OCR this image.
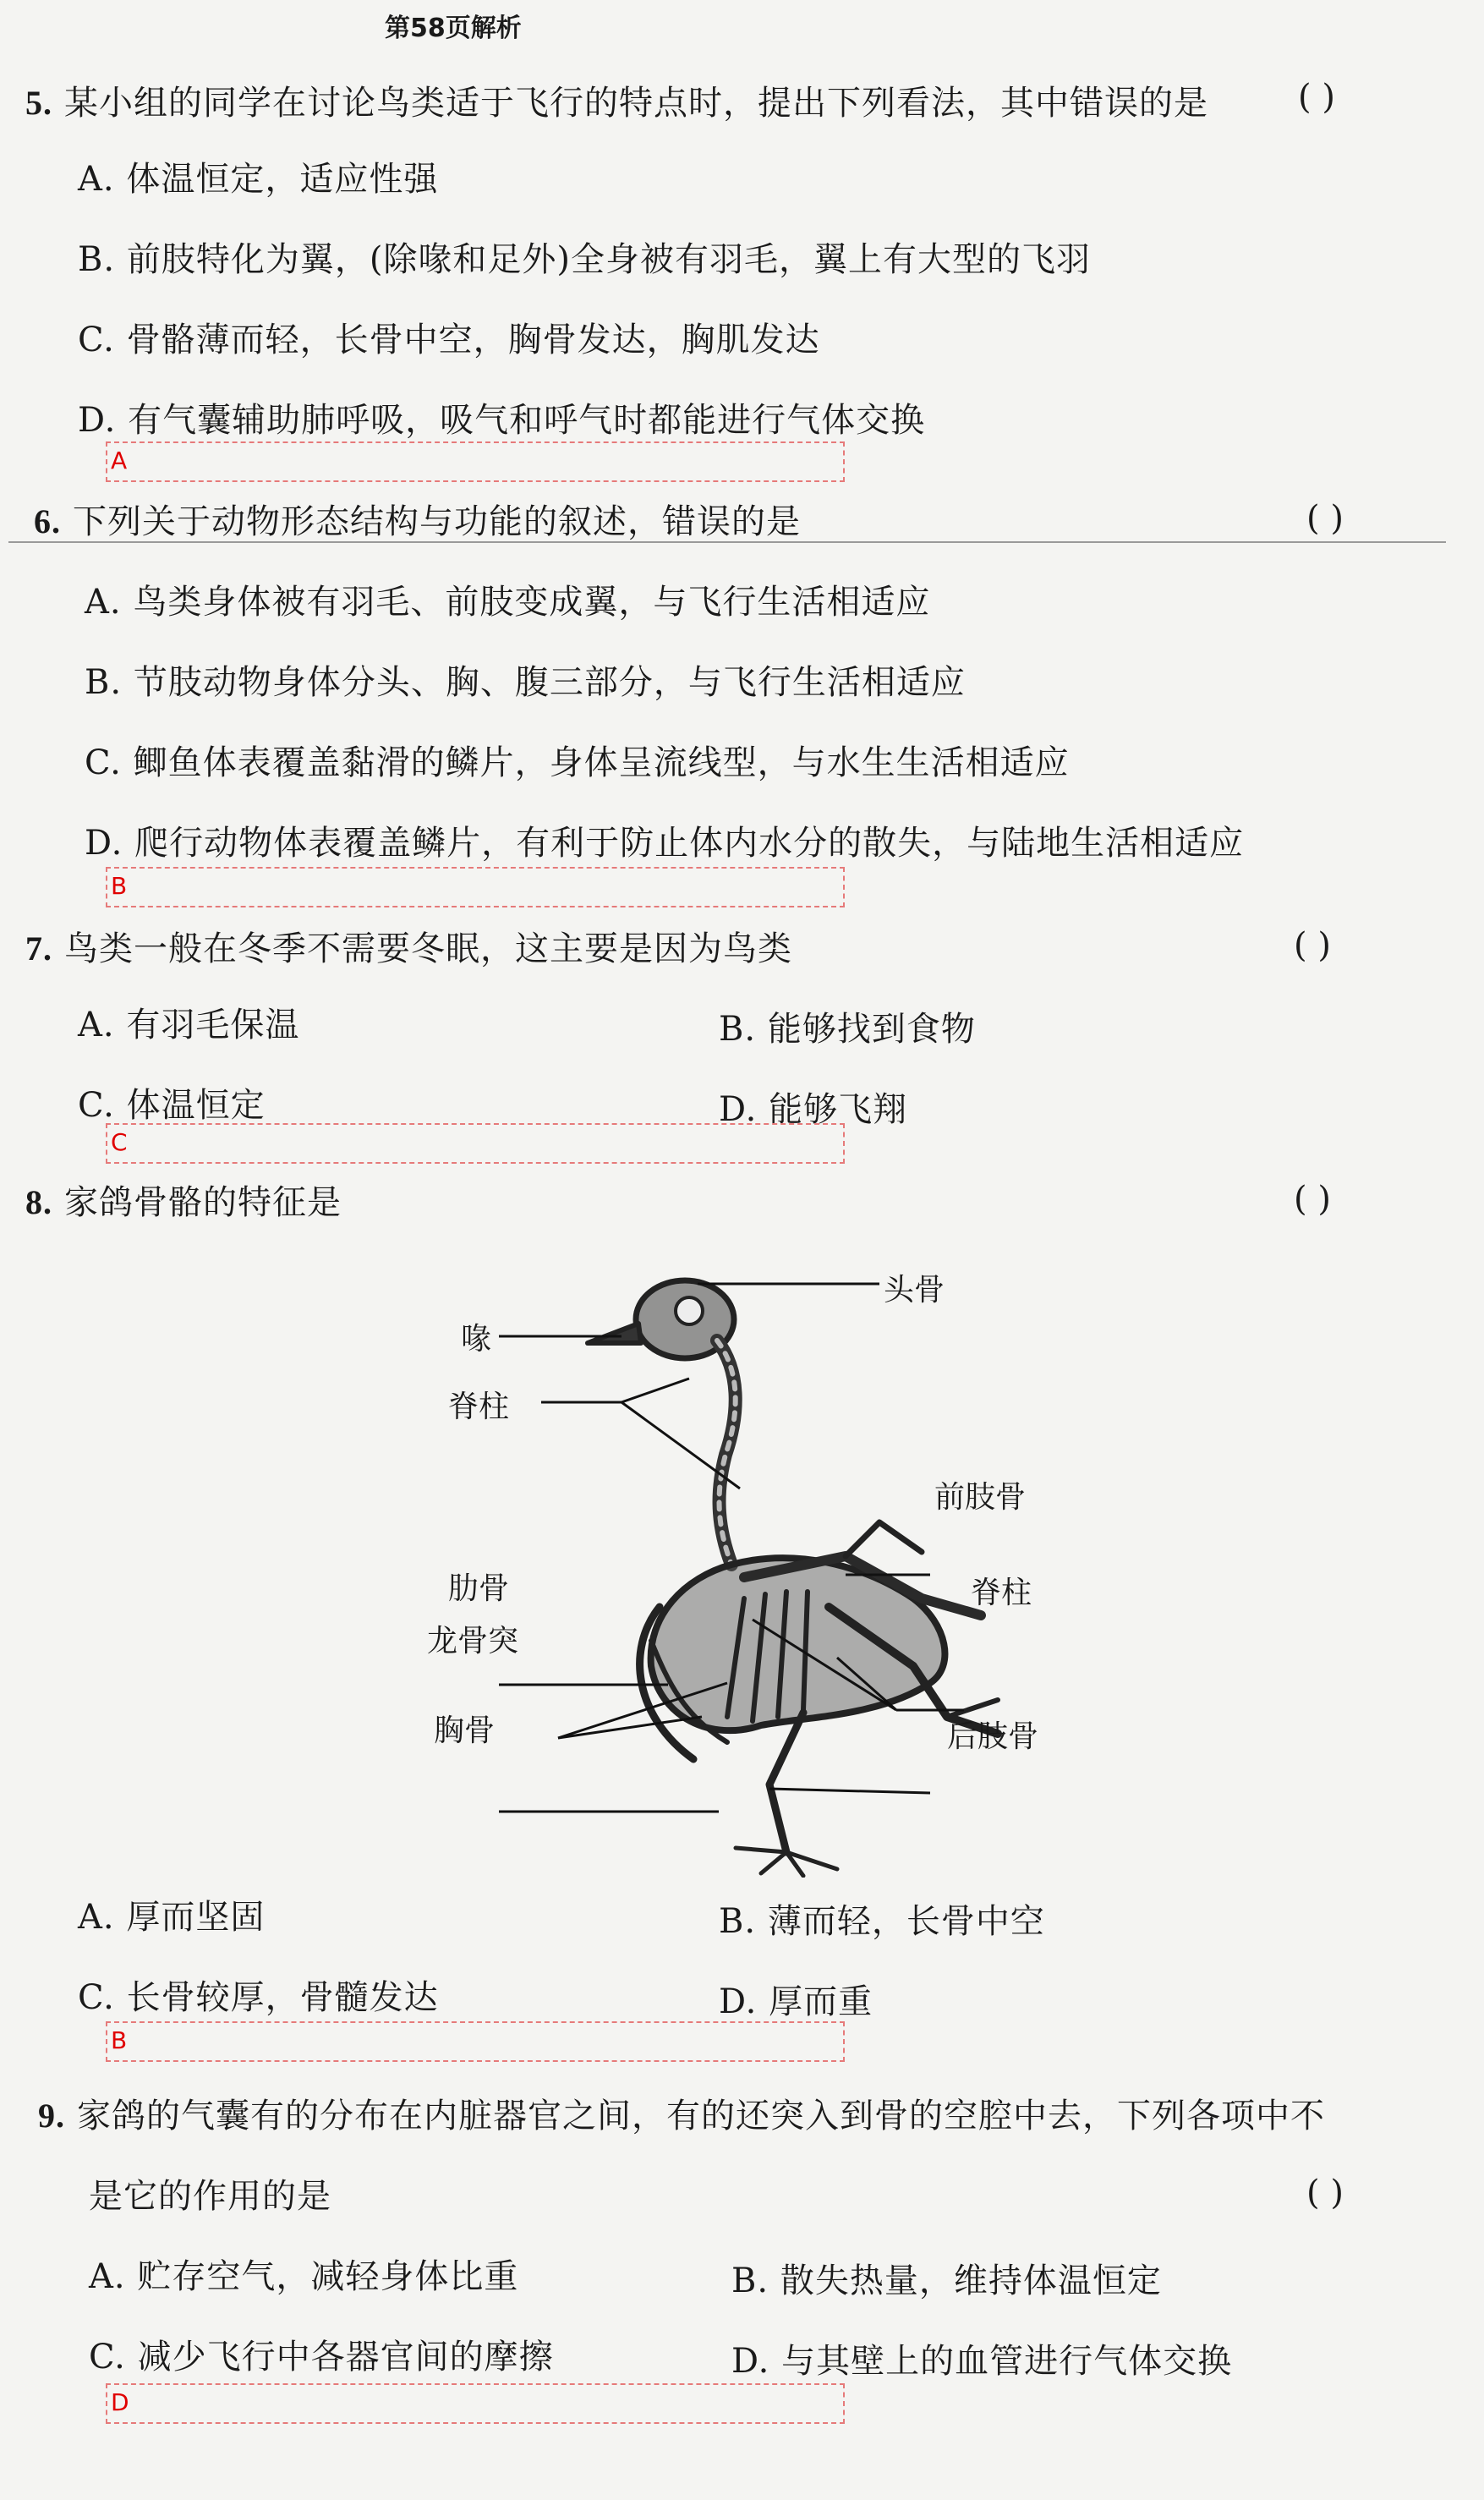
第58页解析
5. 某小组的同学在讨论鸟类适于飞行的特点时，提出下列看法，其中错误的是	( )
A. 体温恒定，适应性强
B. 前肢特化为翼，(除喙和足外)全身被有羽毛，翼上有大型的飞羽
C. 骨骼薄而轻，长骨中空，胸骨发达，胸肌发达
D. 有气囊辅助肺呼吸，吸气和呼气时都能进行气体交换
A
6. 下列关于动物形态结构与功能的叙述，错误的是	( )
A. 鸟类身体被有羽毛、前肢变成翼，与飞行生活相适应
B. 节肢动物身体分头、胸、腹三部分，与飞行生活相适应
C. 鲫鱼体表覆盖黏滑的鳞片，身体呈流线型，与水生生活相适应
D. 爬行动物体表覆盖鳞片，有利于防止体内水分的散失，与陆地生活相适应
B
7. 鸟类一般在冬季不需要冬眠，这主要是因为鸟类	( )
A. 有羽毛保温	B. 能够找到食物
C. 体温恒定	D. 能够飞翔
C
8. 家鸽骨骼的特征是	( )
喙
头骨
脊柱
前肢骨
肋骨	脊柱
龙骨突
胸骨	后肢骨
A. 厚而坚固	B. 薄而轻，长骨中空
C. 长骨较厚，骨髓发达	D. 厚而重
B
9. 家鸽的气囊有的分布在内脏器官之间，有的还突入到骨的空腔中去，下列各项中不
是它的作用的是	( )
A. 贮存空气，减轻身体比重	B. 散失热量，维持体温恒定
C. 减少飞行中各器官间的摩擦	D. 与其壁上的血管进行气体交换
D
